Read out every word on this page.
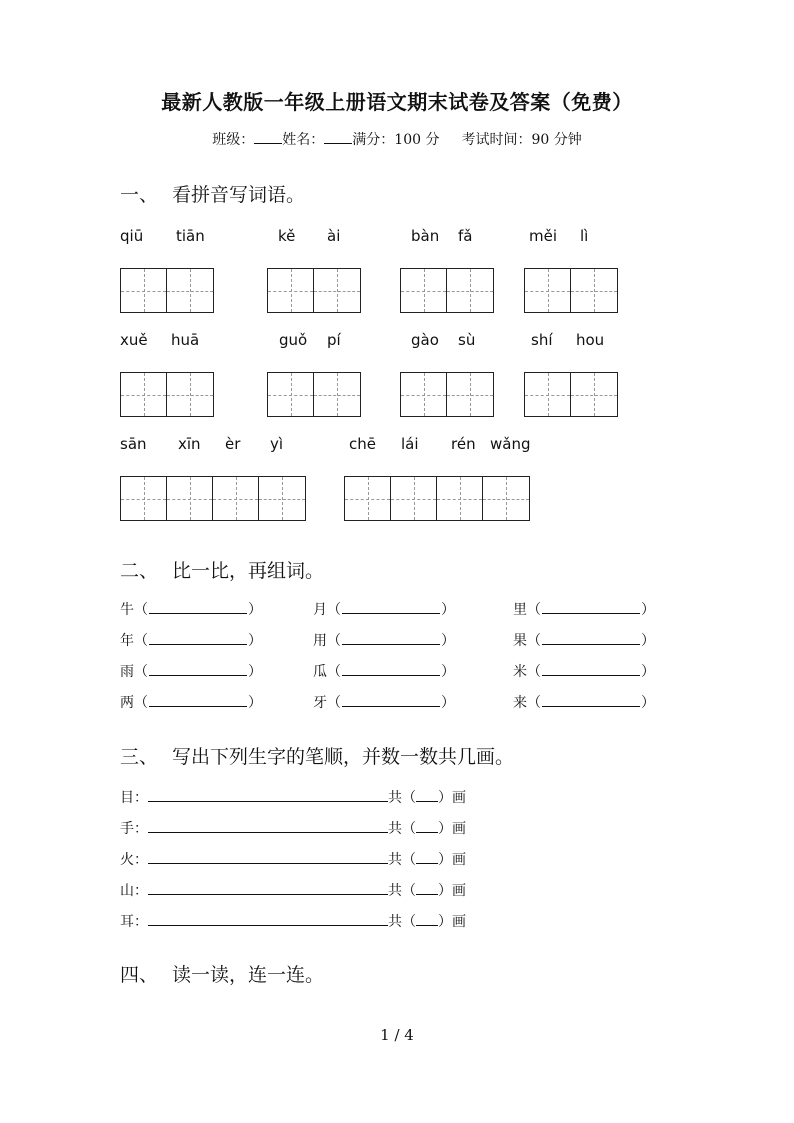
最新人教版一年级上册语文期末试卷及答案（免费）
班级： 姓名： 满分：100 分 考试时间：90 分钟
一、 看拼音写词语。
qiū tiān	kě ài	bàn fǎ	měi lì
xuě huā	guǒ pí	gào sù	shí hou
sān xīn èr yì	chē lái rén wǎng
二、 比一比，再组词。
牛（	）	月（	）	里（	）
年（	）	用（	）	果（	）
雨（	）	瓜（	）	米（	）
两（	）	牙（	）	来（	）
三、 写出下列生字的笔顺，并数一数共几画。
目：	共（ ）画
手：	共（ ）画
火：	共（ ）画
山：	共（ ）画
耳：	共（ ）画
四、 读一读，连一连。
1 / 4
